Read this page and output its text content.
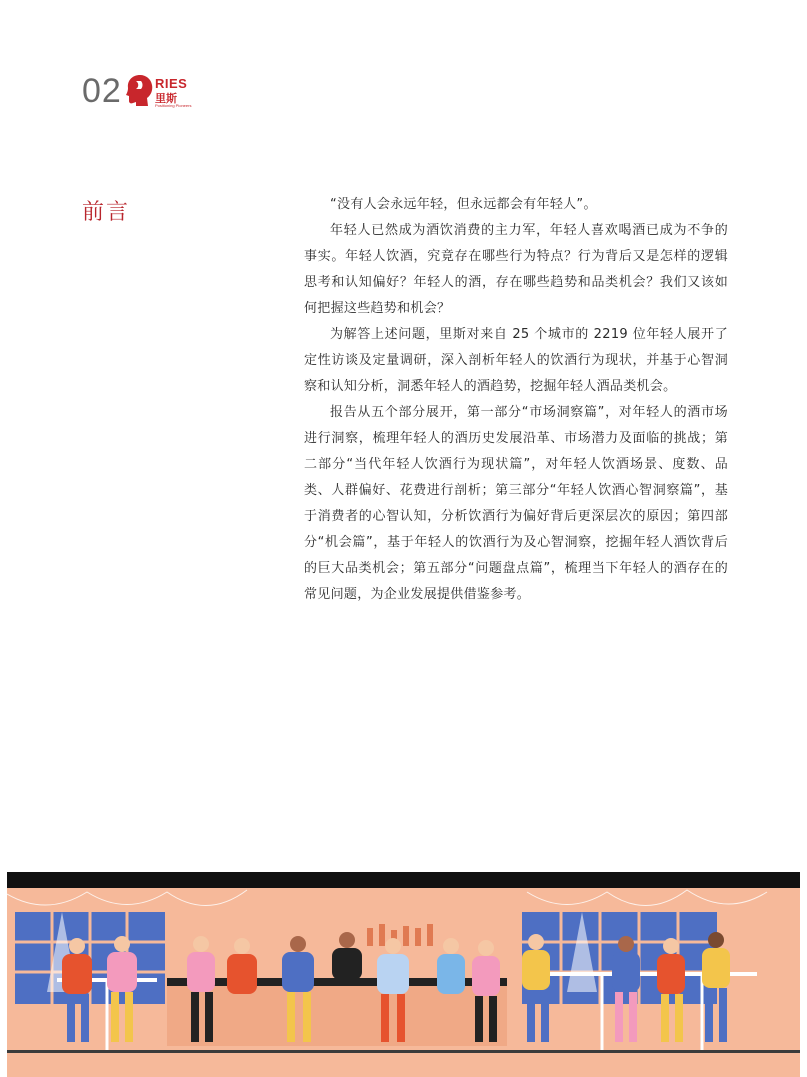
02	RIES
里斯
Positioning Pioneers
前言	“没有人会永远年轻，但永远都会有年轻人”。

年轻人已然成为酒饮消费的主力军，年轻人喜欢喝酒已成为不争的事实。年轻人饮酒，究竟存在哪些行为特点？行为背后又是怎样的逻辑思考和认知偏好？年轻人的酒，存在哪些趋势和品类机会？我们又该如何把握这些趋势和机会？

为解答上述问题，里斯对来自 25 个城市的 2219 位年轻人展开了定性访谈及定量调研，深入剖析年轻人的饮酒行为现状，并基于心智洞察和认知分析，洞悉年轻人的酒趋势，挖掘年轻人酒品类机会。

报告从五个部分展开，第一部分“市场洞察篇”，对年轻人的酒市场进行洞察，梳理年轻人的酒历史发展沿革、市场潜力及面临的挑战；第二部分“当代年轻人饮酒行为现状篇”，对年轻人饮酒场景、度数、品类、人群偏好、花费进行剖析；第三部分“年轻人饮酒心智洞察篇”，基于消费者的心智认知，分析饮酒行为偏好背后更深层次的原因；第四部分“机会篇”，基于年轻人的饮酒行为及心智洞察，挖掘年轻人酒饮背后的巨大品类机会；第五部分“问题盘点篇”，梳理当下年轻人的酒存在的常见问题，为企业发展提供借鉴参考。
